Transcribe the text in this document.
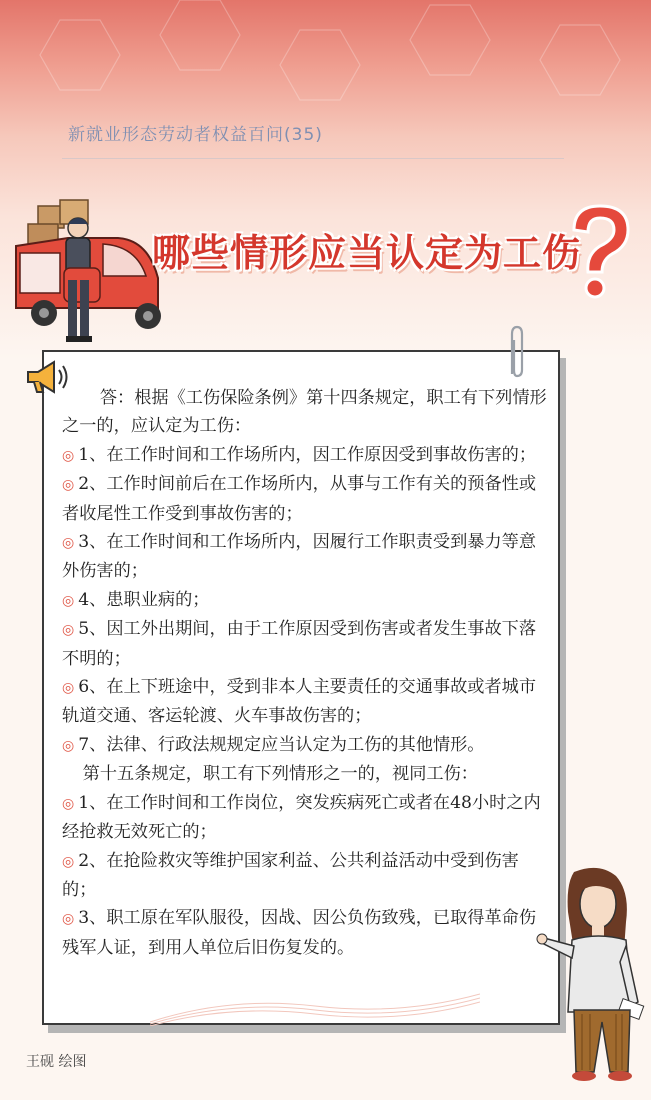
新就业形态劳动者权益百问(35)
哪些情形应当认定为工伤

答：根据《工伤保险条例》第十四条规定，职工有下列情形之一的，应认定为工伤：

◎ 1、在工作时间和工作场所内，因工作原因受到事故伤害的；

◎ 2、工作时间前后在工作场所内，从事与工作有关的预备性或者收尾性工作受到事故伤害的；

◎ 3、在工作时间和工作场所内，因履行工作职责受到暴力等意外伤害的；

◎ 4、患职业病的；

◎ 5、因工外出期间，由于工作原因受到伤害或者发生事故下落不明的；

◎ 6、在上下班途中，受到非本人主要责任的交通事故或者城市轨道交通、客运轮渡、火车事故伤害的；

◎ 7、法律、行政法规规定应当认定为工伤的其他情形。

第十五条规定，职工有下列情形之一的，视同工伤：

◎ 1、在工作时间和工作岗位，突发疾病死亡或者在48小时之内经抢救无效死亡的；

◎ 2、在抢险救灾等维护国家利益、公共利益活动中受到伤害的；

◎ 3、职工原在军队服役，因战、因公负伤致残，已取得革命伤残军人证，到用人单位后旧伤复发的。

王砚 绘图
